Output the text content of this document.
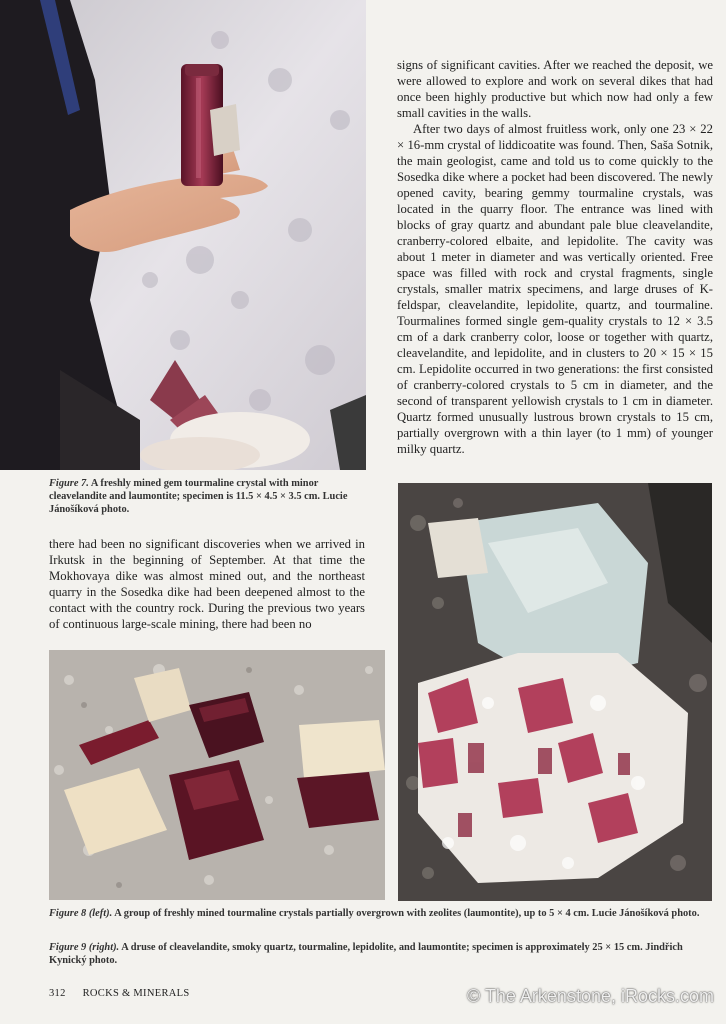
signs of significant cavities. After we reached the deposit, we were allowed to explore and work on several dikes that had once been highly productive but which now had only a few small cavities in the walls.

After two days of almost fruitless work, only one 23 × 22 × 16-mm crystal of liddicoatite was found. Then, Saša Sotnik, the main geologist, came and told us to come quickly to the Sosedka dike where a pocket had been discovered. The newly opened cavity, bearing gemmy tourmaline crystals, was located in the quarry floor. The entrance was lined with blocks of gray quartz and abundant pale blue cleavelandite, cranberry-colored elbaite, and lepidolite. The cavity was about 1 meter in diameter and was vertically oriented. Free space was filled with rock and crystal fragments, single crystals, smaller matrix specimens, and large druses of K-feldspar, cleavelandite, lepidolite, quartz, and tourmaline. Tourmalines formed single gem-quality crystals to 12 × 3.5 cm of a dark cranberry color, loose or together with quartz, cleavelandite, and lepidolite, and in clusters to 20 × 15 × 15 cm. Lepidolite occurred in two generations: the first consisted of cranberry-colored crystals to 5 cm in diameter, and the second of transparent yellowish crystals to 1 cm in diameter. Quartz formed unusually lustrous brown crystals to 15 cm, partially overgrown with a thin layer (to 1 mm) of younger milky quartz.

Figure 7. A freshly mined gem tourmaline crystal with minor cleavelandite and laumontite; specimen is 11.5 × 4.5 × 3.5 cm. Lucie Jánošíková photo.

there had been no significant discoveries when we arrived in Irkutsk in the beginning of September. At that time the Mokhovaya dike was almost mined out, and the northeast quarry in the Sosedka dike had been deepened almost to the contact with the country rock. During the previous two years of continuous large-scale mining, there had been no

Figure 8 (left). A group of freshly mined tourmaline crystals partially overgrown with zeolites (laumontite), up to 5 × 4 cm. Lucie Jánošíková photo.
Figure 9 (right). A druse of cleavelandite, smoky quartz, tourmaline, lepidolite, and laumontite; specimen is approximately 25 × 15 cm. Jindřich Kynický photo.
312 ROCKS & MINERALS	© The Arkenstone, iRocks.com
